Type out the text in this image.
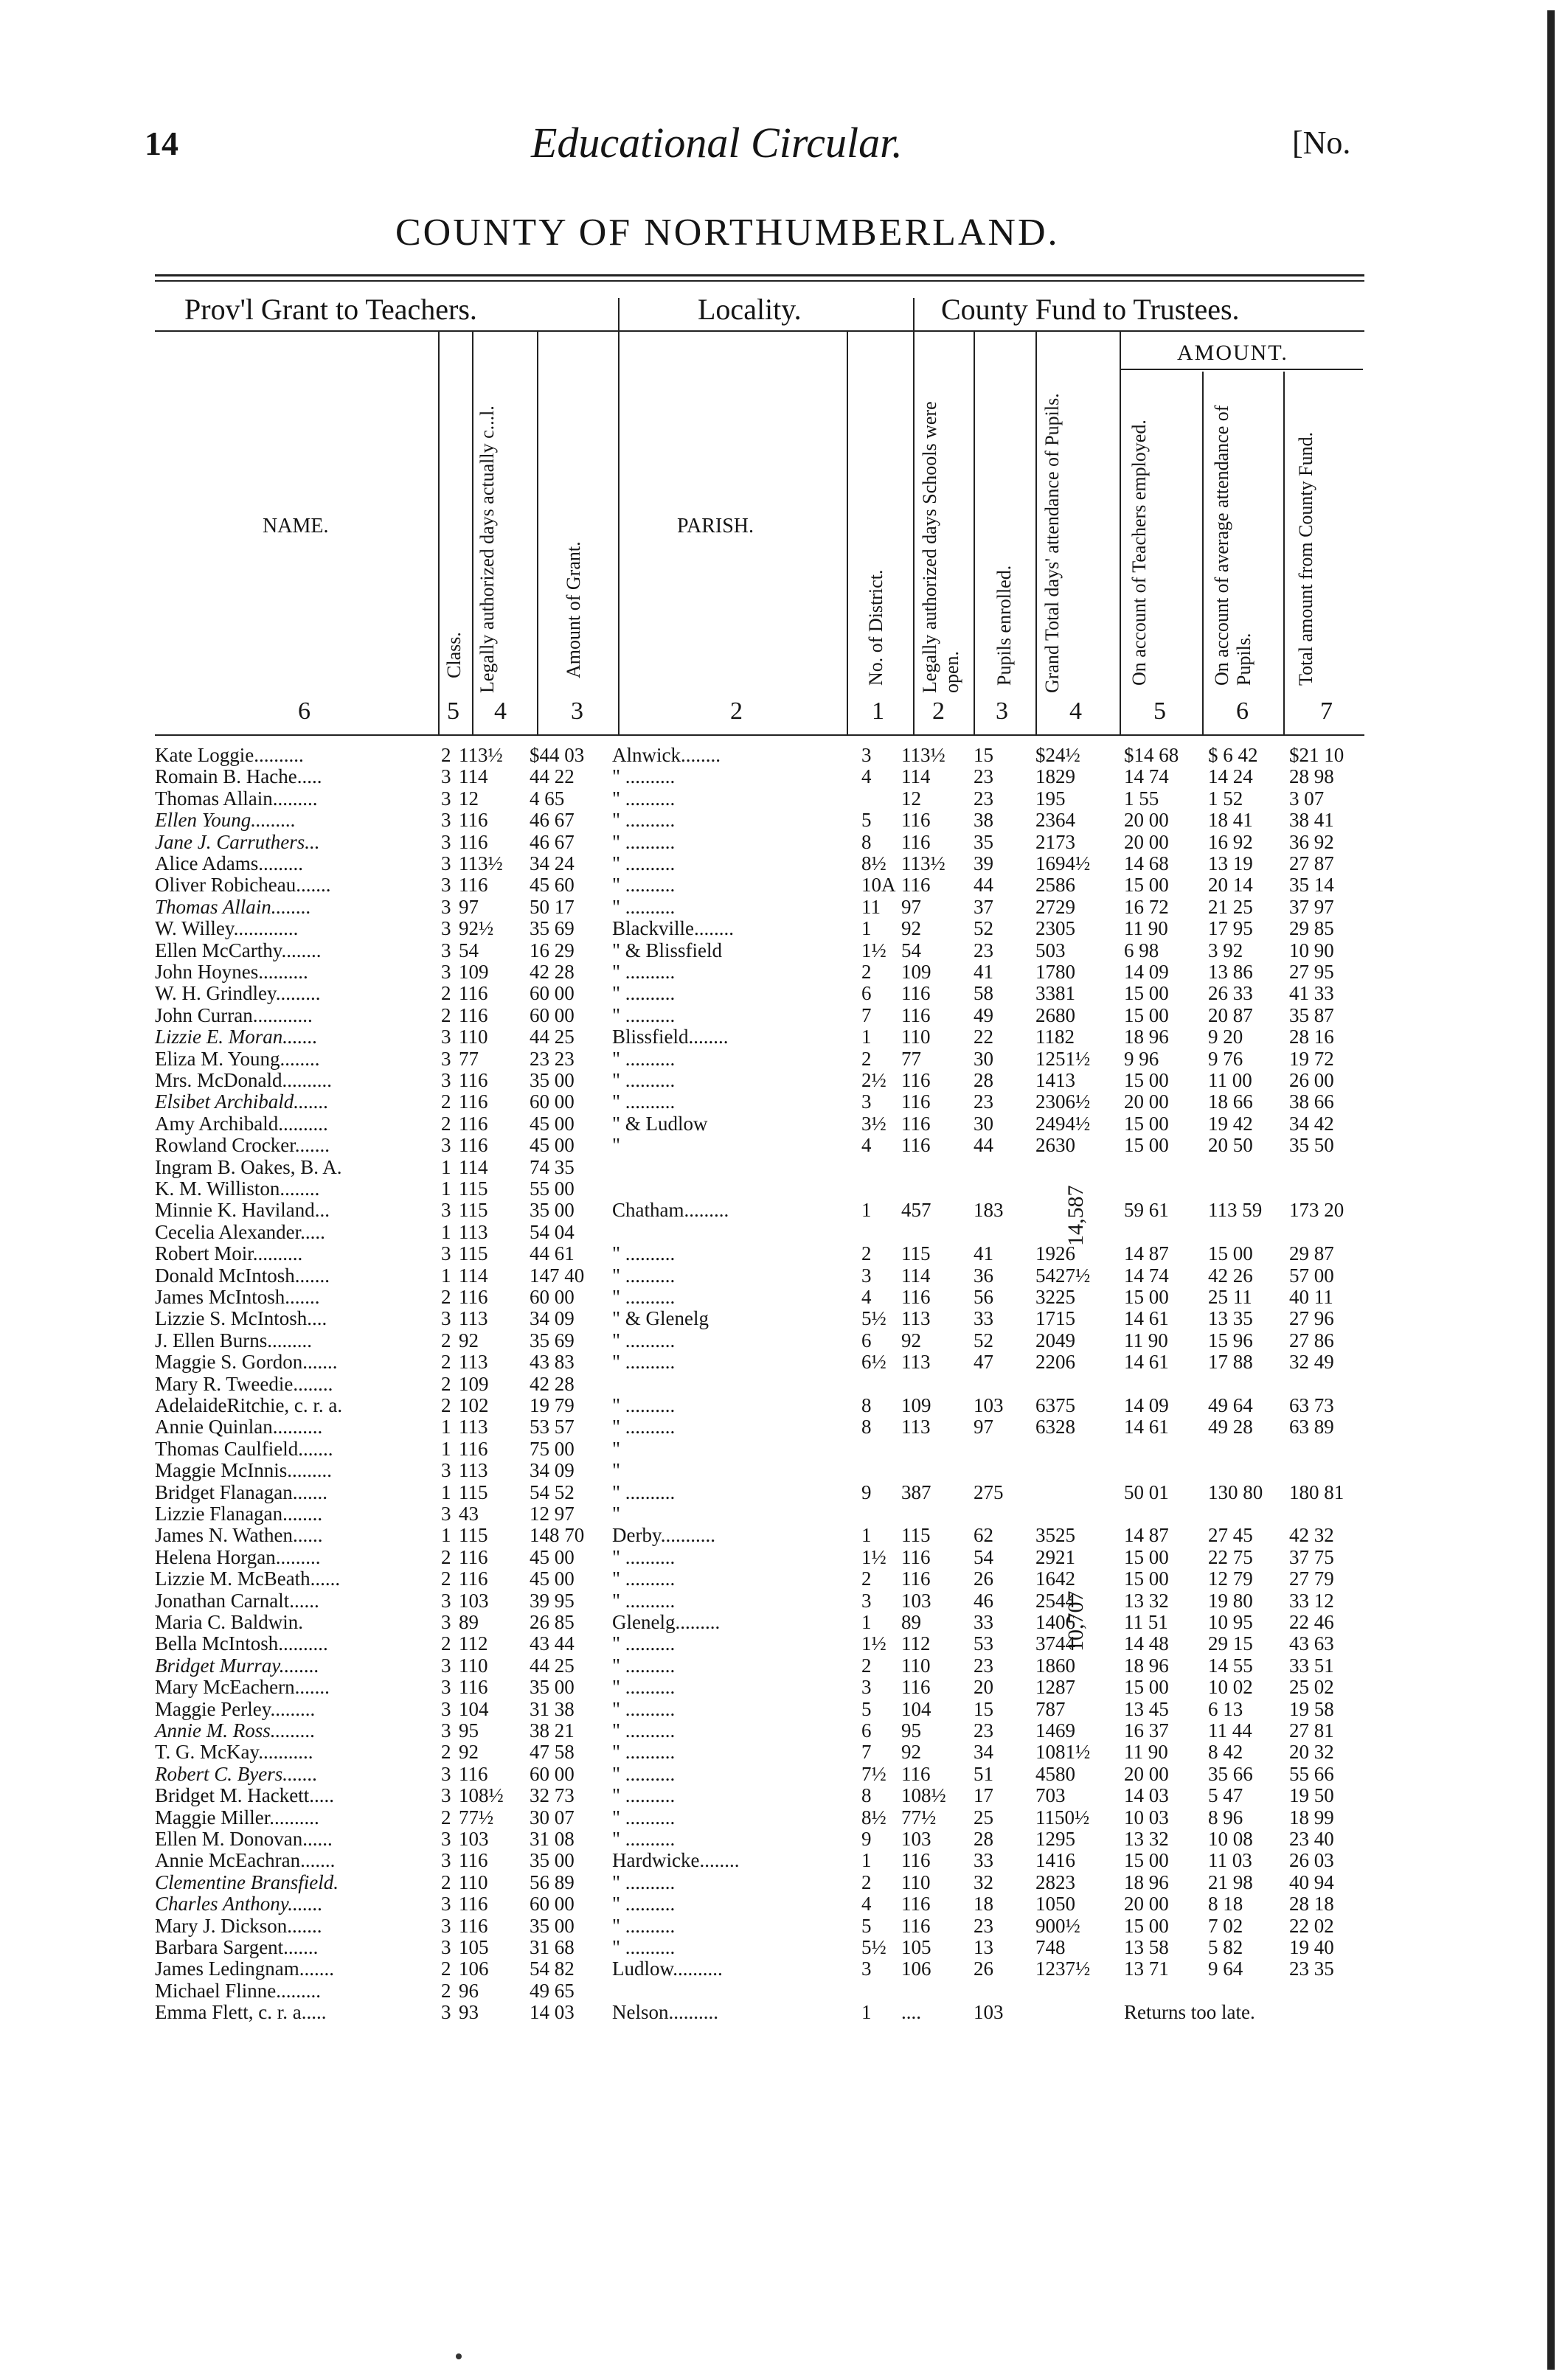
14	Educational Circular.	[No.
COUNTY OF NORTHUMBERLAND.
Prov'l Grant to Teachers.	Locality.	County Fund to Trustees.
AMOUNT.
NAME.	PARISH.
Class. Legally authorized days actually c...l.	Amount of Grant.	No. of District. Legally authorized days Schools were open. Pupils enrolled. Grand Total days' attendance of Pupils.	On account of Teachers employed.	On account of average attendance of Pupils. Total amount from County Fund.
6	5 4	3	2	1 2 3 4	5	6	7
Kate Loggie..........	2 113½ $44 03 Alnwick........	3 113½ 15 $24½ $14 68 $ 6 42 $21 10
Romain B. Hache.....	3 114 44 22 " ..........	4 114 23 1829 14 74 14 24 28 98
Thomas Allain.........	3 12	4 65 " ..........	12	23 195	1 55 1 52 3 07
Ellen Young.........	3 116 46 67 " ..........	5 116 38 2364 20 00 18 41 38 41
Jane J. Carruthers...	3 116 46 67 " ..........	8 116 35 2173 20 00 16 92 36 92
Alice Adams.........	3 113½ 34 24 " ..........	8½ 113½ 39 1694½ 14 68 13 19 27 87
Oliver Robicheau.......	3 116 45 60 " ..........	10A 116 44 2586 15 00 20 14 35 14
Thomas Allain........	3 97	50 17 " ..........	11 97	37 2729 16 72 21 25 37 97
W. Willey.............	3 92½ 35 69 Blackville........	1 92	52 2305 11 90 17 95 29 85
Ellen McCarthy........	3 54	16 29 " & Blissfield	1½ 54	23 503	6 98 3 92 10 90
John Hoynes..........	3 109 42 28 " ..........	2 109 41 1780 14 09 13 86 27 95
W. H. Grindley.........	2 116 60 00 " ..........	6 116 58 3381 15 00 26 33 41 33
John Curran............	2 116 60 00 " ..........	7 116 49 2680 15 00 20 87 35 87
Lizzie E. Moran.......	3 110 44 25 Blissfield........	1 110 22 1182 18 96 9 20 28 16
Eliza M. Young........	3 77	23 23 " ..........	2 77	30 1251½ 9 96 9 76 19 72
Mrs. McDonald..........	3 116 35 00 " ..........	2½ 116 28 1413 15 00 11 00 26 00
Elsibet Archibald.......	2 116 60 00 " ..........	3 116 23 2306½ 20 00 18 66 38 66
Amy Archibald..........	2 116 45 00 " & Ludlow	3½ 116 30 2494½ 15 00 19 42 34 42
Rowland Crocker.......	3 116 45 00 "	4 116 44 2630 15 00 20 50 35 50
Ingram B. Oakes, B. A.	1 114 74 35
K. M. Williston........	1 115 55 00
Minnie K. Haviland...	3 115 35 00 Chatham.........	1 457 183	59 61 113 59 173 20
Cecelia Alexander.....	1 113 54 04
Robert Moir..........	3 115 44 61 " ..........	2 115 41 1926 14 87 15 00 29 87
Donald McIntosh.......	1 114 147 40 " ..........	3 114 36 5427½ 14 74 42 26 57 00
James McIntosh.......	2 116 60 00 " ..........	4 116 56 3225 15 00 25 11 40 11
Lizzie S. McIntosh....	3 113 34 09 " & Glenelg	5½ 113 33 1715 14 61 13 35 27 96
J. Ellen Burns.........	2 92	35 69 " ..........	6 92	52 2049 11 90 15 96 27 86
Maggie S. Gordon.......	2 113 43 83 " ..........	6½ 113 47 2206 14 61 17 88 32 49
Mary R. Tweedie........	2 109 42 28
AdelaideRitchie, c. r. a.	2 102 19 79 " ..........	8 109 103 6375 14 09 49 64 63 73
Annie Quinlan..........	1 113 53 57 " ..........	8 113 97 6328 14 61 49 28 63 89
Thomas Caulfield.......	1 116 75 00 "
Maggie McInnis.........	3 113 34 09 "
Bridget Flanagan.......	1 115 54 52 " ..........	9 387 275	50 01 130 80 180 81
Lizzie Flanagan........	3 43	12 97 "
James N. Wathen......	1 115 148 70 Derby...........	1 115 62 3525 14 87 27 45 42 32
Helena Horgan.........	2 116 45 00 " ..........	1½ 116 54 2921 15 00 22 75 37 75
Lizzie M. McBeath......	2 116 45 00 " ..........	2 116 26 1642 15 00 12 79 27 79
Jonathan Carnalt......	3 103 39 95 " ..........	3 103 46 2544 13 32 19 80 33 12
Maria C. Baldwin.	3 89	26 85 Glenelg.........	1 89	33 1406 11 51 10 95 22 46
Bella McIntosh..........	2 112 43 44 " ..........	1½ 112 53 3744 14 48 29 15 43 63
Bridget Murray........	3 110 44 25 " ..........	2 110 23 1860 18 96 14 55 33 51
Mary McEachern.......	3 116 35 00 " ..........	3 116 20 1287 15 00 10 02 25 02
Maggie Perley.........	3 104 31 38 " ..........	5 104 15 787	13 45 6 13 19 58
Annie M. Ross.........	3 95	38 21 " ..........	6 95	23 1469 16 37 11 44 27 81
T. G. McKay...........	2 92	47 58 " ..........	7 92	34 1081½ 11 90 8 42 20 32
Robert C. Byers.......	3 116 60 00 " ..........	7½ 116 51 4580 20 00 35 66 55 66
Bridget M. Hackett.....	3 108½ 32 73 " ..........	8 108½ 17 703	14 03 5 47 19 50
Maggie Miller..........	2 77½ 30 07 " ..........	8½ 77½ 25 1150½ 10 03 8 96 18 99
Ellen M. Donovan......	3 103 31 08 " ..........	9 103 28 1295 13 32 10 08 23 40
Annie McEachran.......	3 116 35 00 Hardwicke........	1 116 33 1416 15 00 11 03 26 03
Clementine Bransfield.	2 110 56 89 " ..........	2 110 32 2823 18 96 21 98 40 94
Charles Anthony.......	3 116 60 00 " ..........	4 116 18 1050 20 00 8 18 28 18
Mary J. Dickson.......	3 116 35 00 " ..........	5 116 23 900½ 15 00 7 02 22 02
Barbara Sargent.......	3 105 31 68 " ..........	5½ 105 13 748	13 58 5 82 19 40
James Ledingnam.......	2 106 54 82 Ludlow..........	3 106 26 1237½ 13 71 9 64 23 35
Michael Flinne.........	2 96	49 65
Emma Flett, c. r. a.....	3 93	14 03 Nelson..........	1 ....	103	Returns too late.
14,587
10,707
